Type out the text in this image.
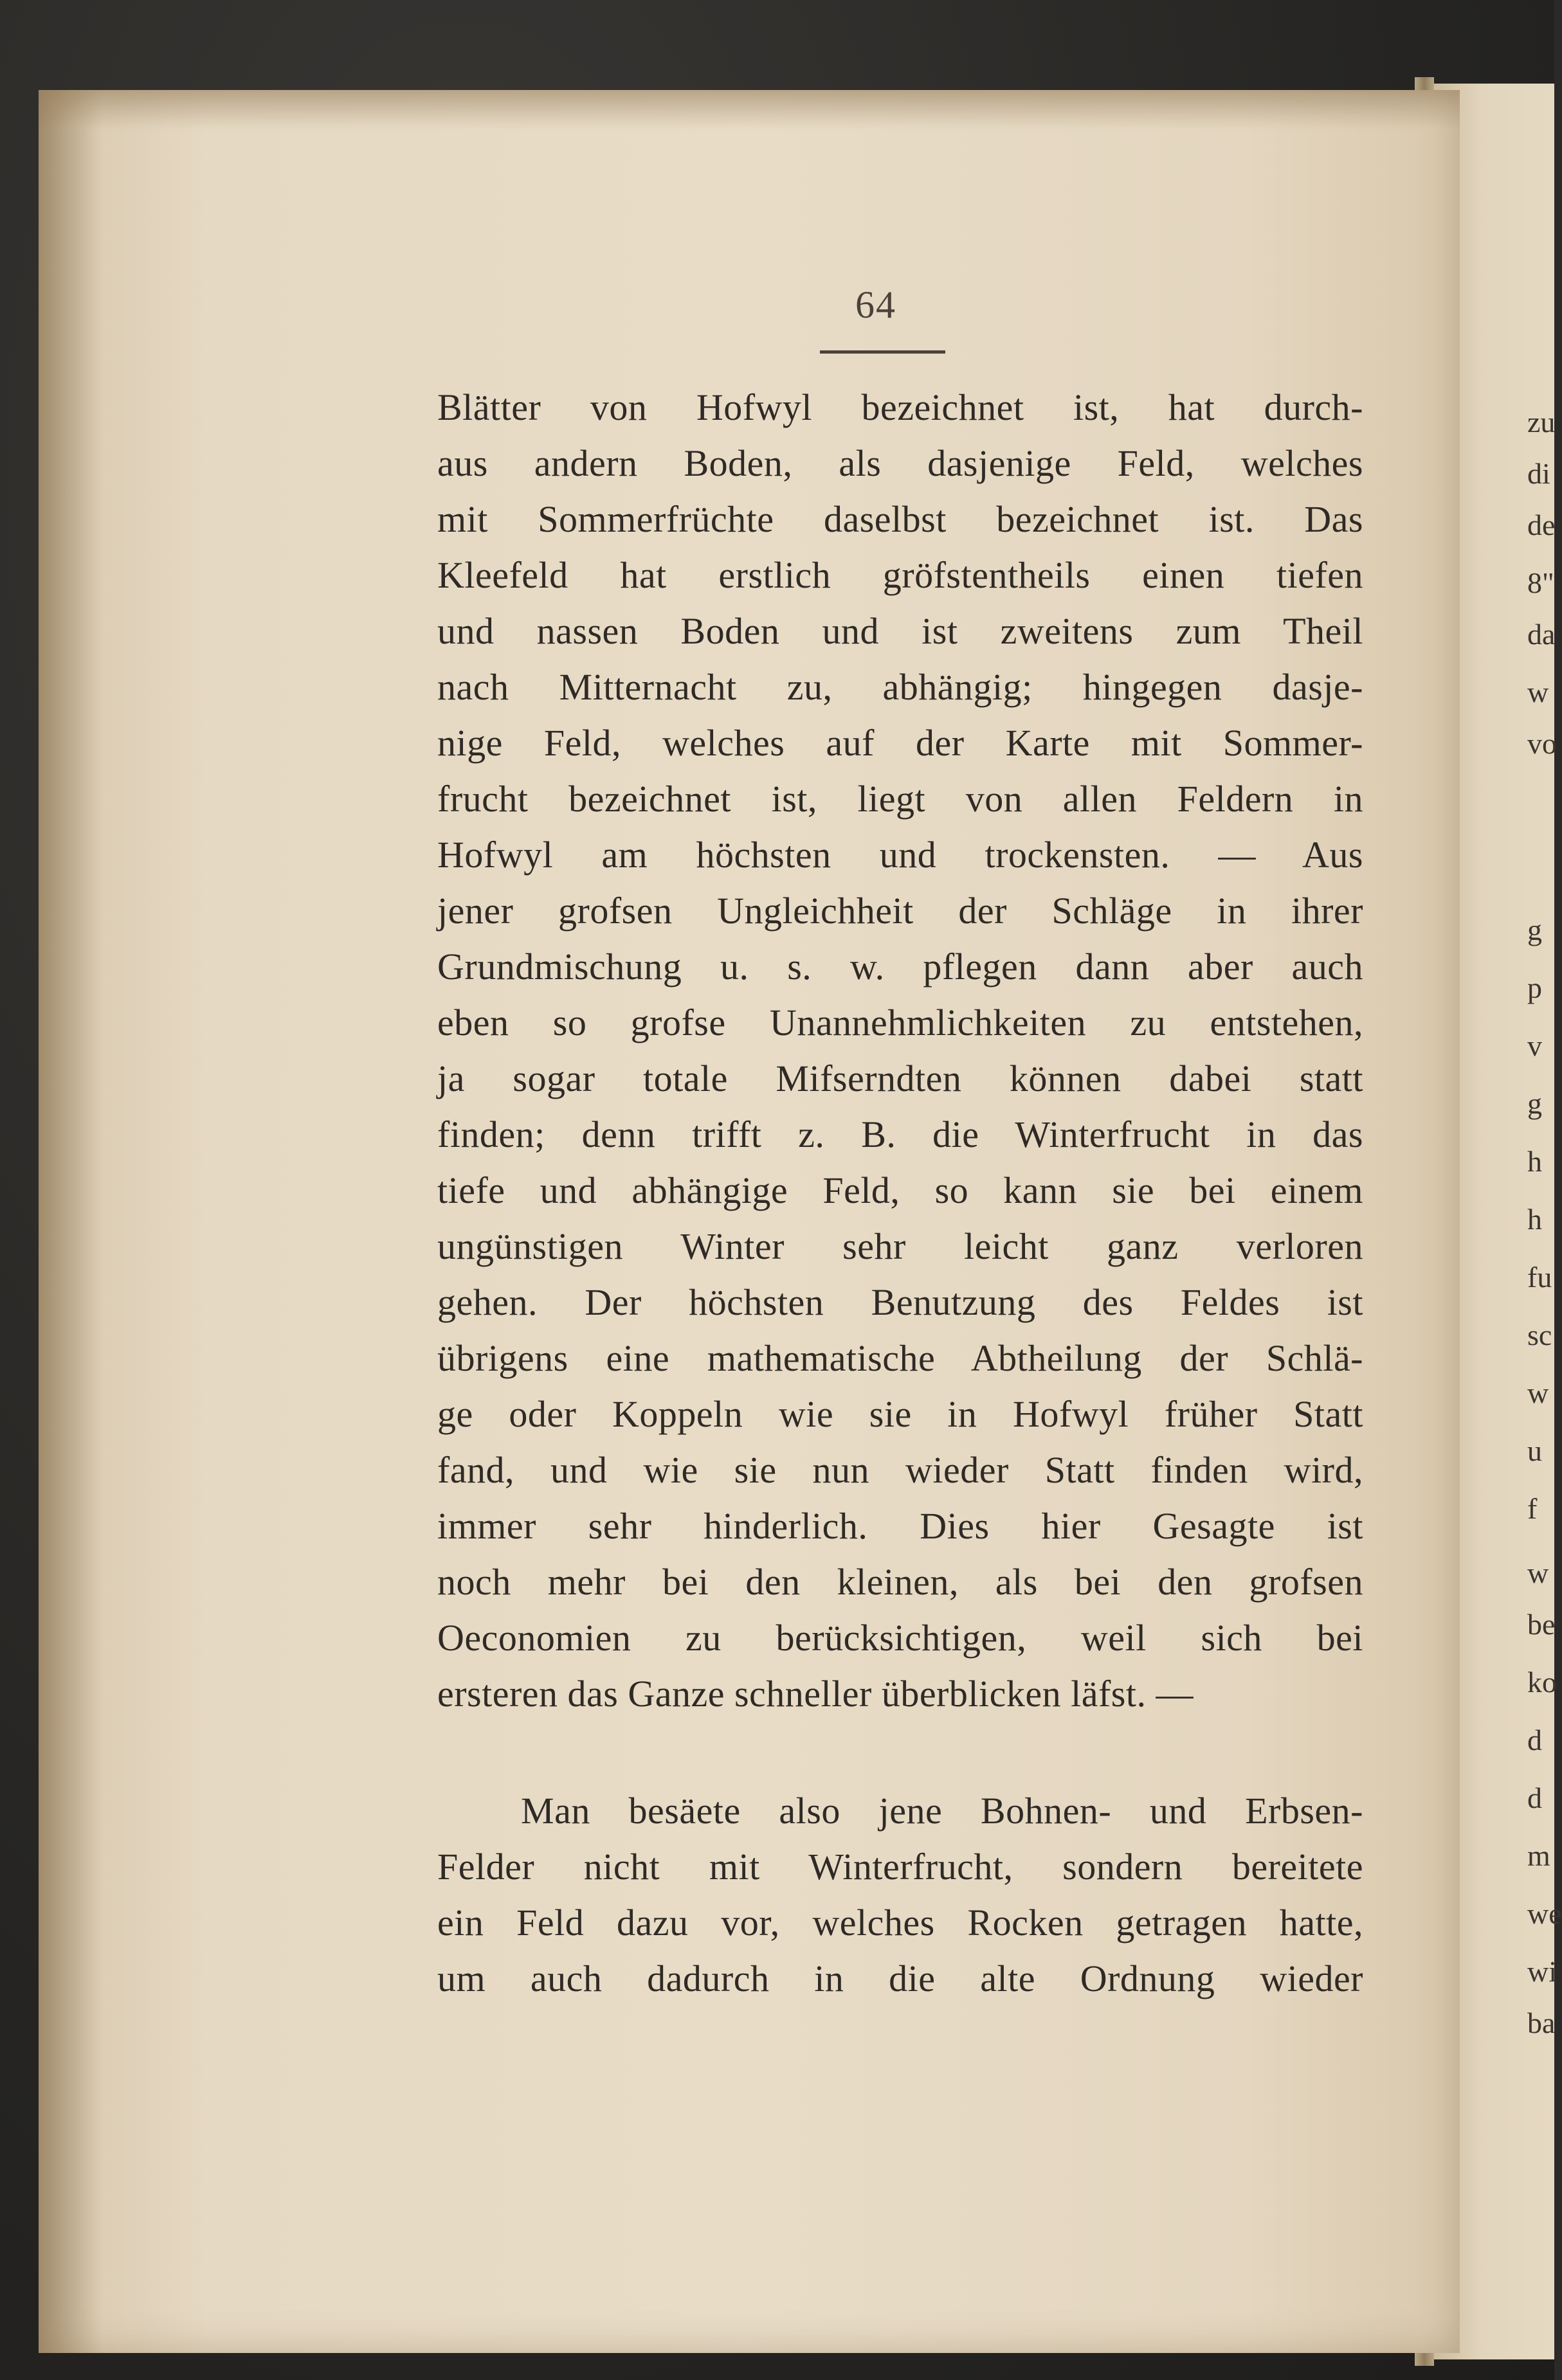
zu
di
de
8"
da
w
vo
g
p
v
g
h
h
fu
sc
w
u
f
w
be
ko
d
d
m
we
wi
ba
64
Blätter von Hofwyl bezeichnet ist, hat durch-
aus andern Boden, als dasjenige Feld, welches
mit Sommerfrüchte daselbst bezeichnet ist. Das
Kleefeld hat erstlich gröfstentheils einen tiefen
und nassen Boden und ist zweitens zum Theil
nach Mitternacht zu, abhängig; hingegen dasje-
nige Feld, welches auf der Karte mit Sommer-
frucht bezeichnet ist, liegt von allen Feldern in
Hofwyl am höchsten und trockensten. — Aus
jener grofsen Ungleichheit der Schläge in ihrer
Grundmischung u. s. w. pflegen dann aber auch
eben so grofse Unannehmlichkeiten zu entstehen,
ja sogar totale Mifserndten können dabei statt
finden; denn trifft z. B. die Winterfrucht in das
tiefe und abhängige Feld, so kann sie bei einem
ungünstigen Winter sehr leicht ganz verloren
gehen. Der höchsten Benutzung des Feldes ist
übrigens eine mathematische Abtheilung der Schlä-
ge oder Koppeln wie sie in Hofwyl früher Statt
fand, und wie sie nun wieder Statt finden wird,
immer sehr hinderlich. Dies hier Gesagte ist
noch mehr bei den kleinen, als bei den grofsen
Oeconomien zu berücksichtigen, weil sich bei
ersteren das Ganze schneller überblicken läfst. —
Man besäete also jene Bohnen- und Erbsen-
Felder nicht mit Winterfrucht, sondern bereitete
ein Feld dazu vor, welches Rocken getragen hatte,
um auch dadurch in die alte Ordnung wieder
